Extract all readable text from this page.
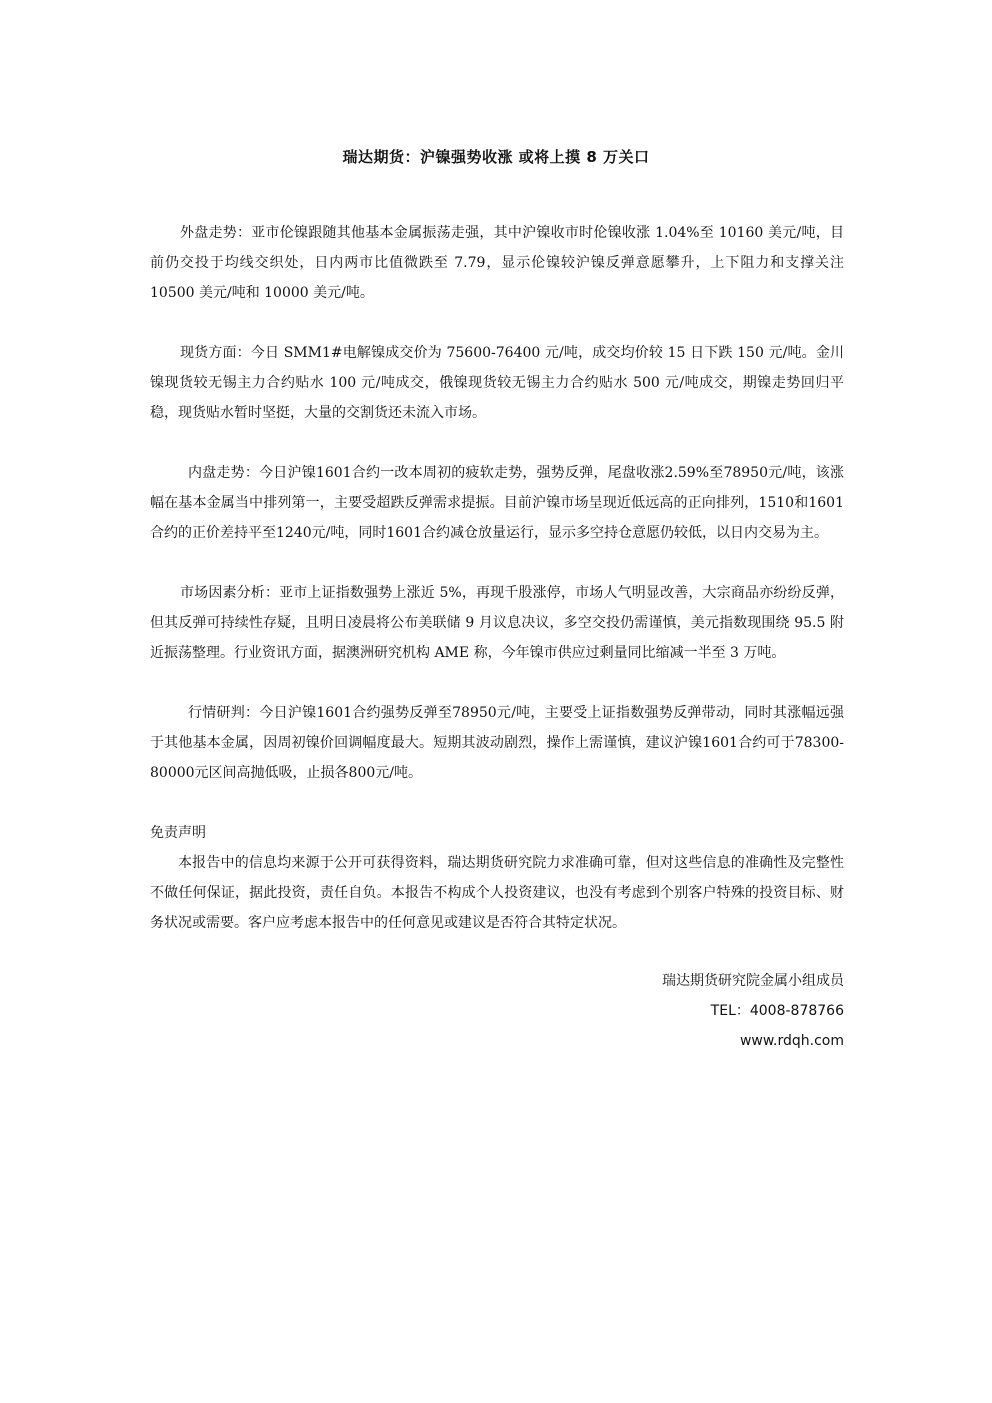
瑞达期货：沪镍强势收涨 或将上摸 8 万关口

外盘走势：亚市伦镍跟随其他基本金属振荡走强，其中沪镍收市时伦镍收涨 1.04%至 10160 美元/吨，目前仍交投于均线交织处，日内两市比值微跌至 7.79，显示伦镍较沪镍反弹意愿攀升，上下阻力和支撑关注 10500 美元/吨和 10000 美元/吨。

现货方面：今日 SMM1#电解镍成交价为 75600-76400 元/吨，成交均价较 15 日下跌 150 元/吨。金川镍现货较无锡主力合约贴水 100 元/吨成交，俄镍现货较无锡主力合约贴水 500 元/吨成交，期镍走势回归平稳，现货贴水暂时坚挺，大量的交割货还未流入市场。

内盘走势：今日沪镍1601合约一改本周初的疲软走势，强势反弹，尾盘收涨2.59%至78950元/吨，该涨幅在基本金属当中排列第一，主要受超跌反弹需求提振。目前沪镍市场呈现近低远高的正向排列，1510和1601合约的正价差持平至1240元/吨，同时1601合约减仓放量运行，显示多空持仓意愿仍较低，以日内交易为主。

市场因素分析：亚市上证指数强势上涨近 5%，再现千股涨停，市场人气明显改善，大宗商品亦纷纷反弹，但其反弹可持续性存疑，且明日凌晨将公布美联储 9 月议息决议，多空交投仍需谨慎，美元指数现围绕 95.5 附近振荡整理。行业资讯方面，据澳洲研究机构 AME 称，今年镍市供应过剩量同比缩减一半至 3 万吨。

行情研判：今日沪镍1601合约强势反弹至78950元/吨，主要受上证指数强势反弹带动，同时其涨幅远强于其他基本金属，因周初镍价回调幅度最大。短期其波动剧烈，操作上需谨慎，建议沪镍1601合约可于78300-80000元区间高抛低吸，止损各800元/吨。

免责声明

本报告中的信息均来源于公开可获得资料，瑞达期货研究院力求准确可靠，但对这些信息的准确性及完整性不做任何保证，据此投资，责任自负。本报告不构成个人投资建议，也没有考虑到个别客户特殊的投资目标、财务状况或需要。客户应考虑本报告中的任何意见或建议是否符合其特定状况。

瑞达期货研究院金属小组成员
TEL：4008-878766
www.rdqh.com
